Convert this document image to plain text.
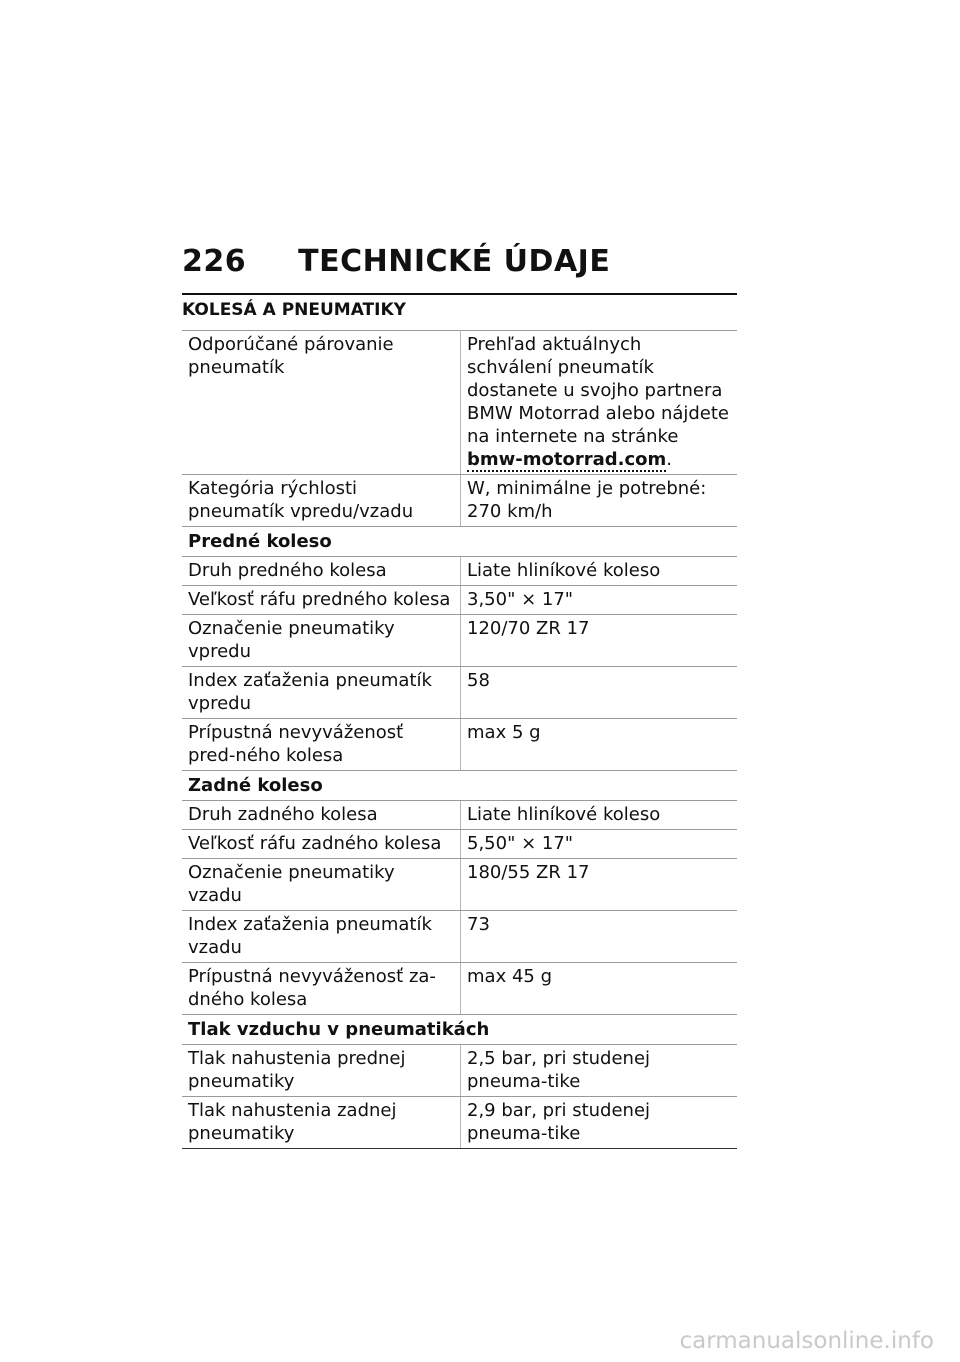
226 TECHNICKÉ ÚDAJE
KOLESÁ A PNEUMATIKY
Odporúčané párovanie pneumatík	Prehľad aktuálnych schválení pneumatík dostanete u svojho partnera BMW Motorrad alebo nájdete na internete na stránke bmw-motorrad.com.
Kategória rýchlosti pneumatík vpredu/vzadu	W, minimálne je potrebné: 270 km/h
Predné koleso	
Druh predného kolesa	Liate hliníkové koleso
Veľkosť ráfu predného kolesa	3,50" × 17"
Označenie pneumatiky vpredu	120/70 ZR 17
Index zaťaženia pneumatík vpredu	58
Prípustná nevyváženosť pred-ného kolesa	max 5 g
Zadné koleso	
Druh zadného kolesa	Liate hliníkové koleso
Veľkosť ráfu zadného kolesa	5,50" × 17"
Označenie pneumatiky vzadu	180/55 ZR 17
Index zaťaženia pneumatík vzadu	73
Prípustná nevyváženosť za-dného kolesa	max 45 g
Tlak vzduchu v pneumatikách	
Tlak nahustenia prednej pneumatiky	2,5 bar, pri studenej pneuma-tike
Tlak nahustenia zadnej pneumatiky	2,9 bar, pri studenej pneuma-tike
carmanualsonline.info
